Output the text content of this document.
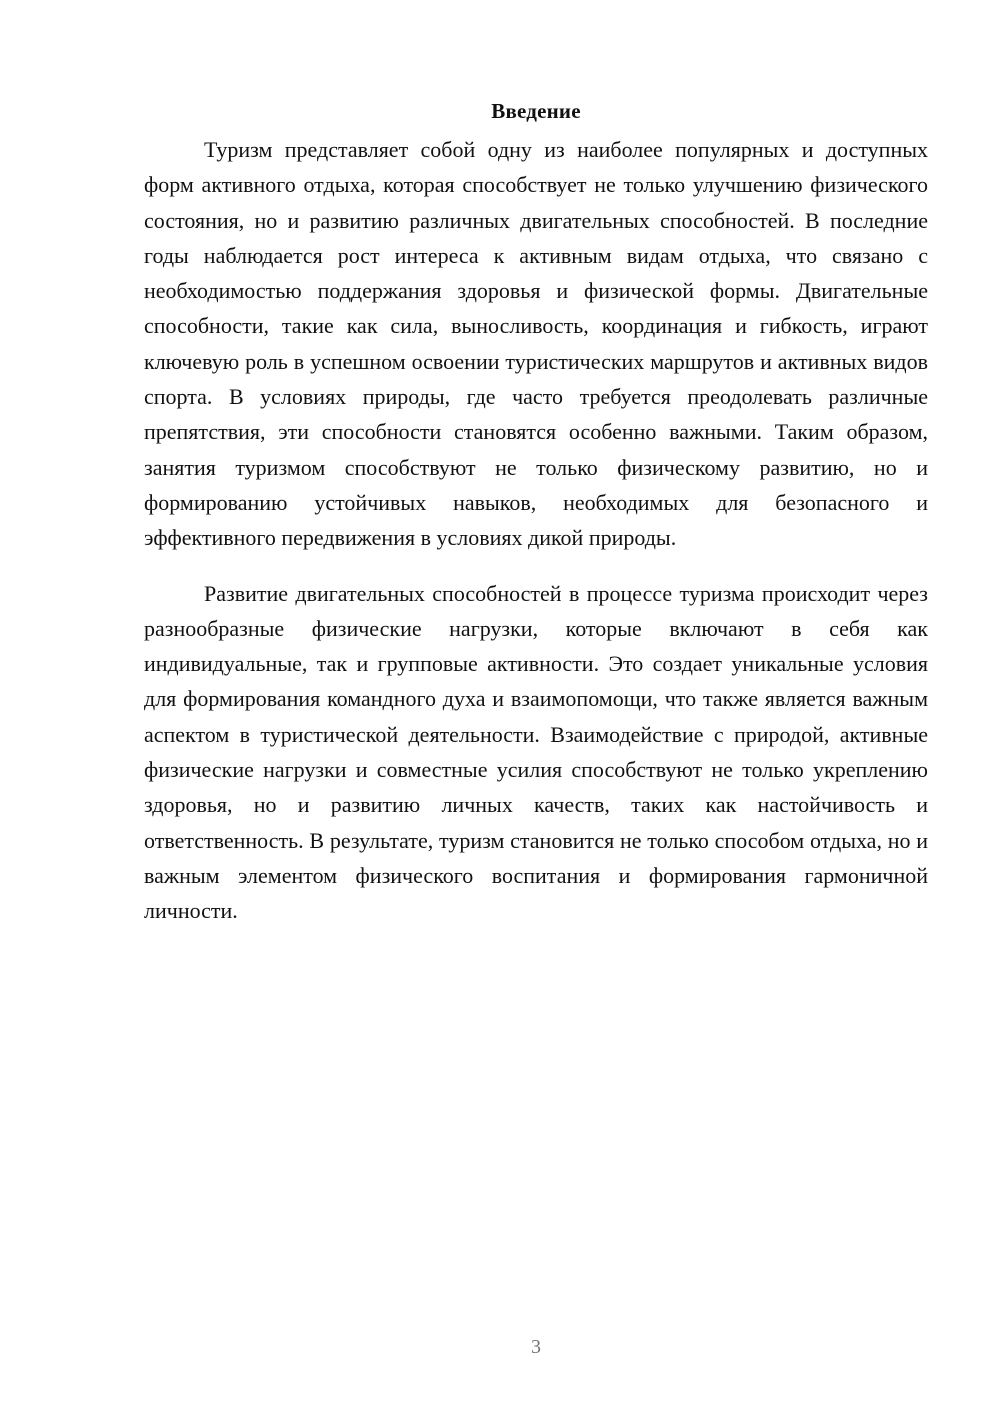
Введение

Туризм представляет собой одну из наиболее популярных и доступных форм активного отдыха, которая способствует не только улучшению физического состояния, но и развитию различных двигательных способностей. В последние годы наблюдается рост интереса к активным видам отдыха, что связано с необходимостью поддержания здоровья и физической формы. Двигательные способности, такие как сила, выносливость, координация и гибкость, играют ключевую роль в успешном освоении туристических маршрутов и активных видов спорта. В условиях природы, где часто требуется преодолевать различные препятствия, эти способности становятся особенно важными. Таким образом, занятия туризмом способствуют не только физическому развитию, но и формированию устойчивых навыков, необходимых для безопасного и эффективного передвижения в условиях дикой природы.

Развитие двигательных способностей в процессе туризма происходит через разнообразные физические нагрузки, которые включают в себя как индивидуальные, так и групповые активности. Это создает уникальные условия для формирования командного духа и взаимопомощи, что также является важным аспектом в туристической деятельности. Взаимодействие с природой, активные физические нагрузки и совместные усилия способствуют не только укреплению здоровья, но и развитию личных качеств, таких как настойчивость и ответственность. В результате, туризм становится не только способом отдыха, но и важным элементом физического воспитания и формирования гармоничной личности.

3
